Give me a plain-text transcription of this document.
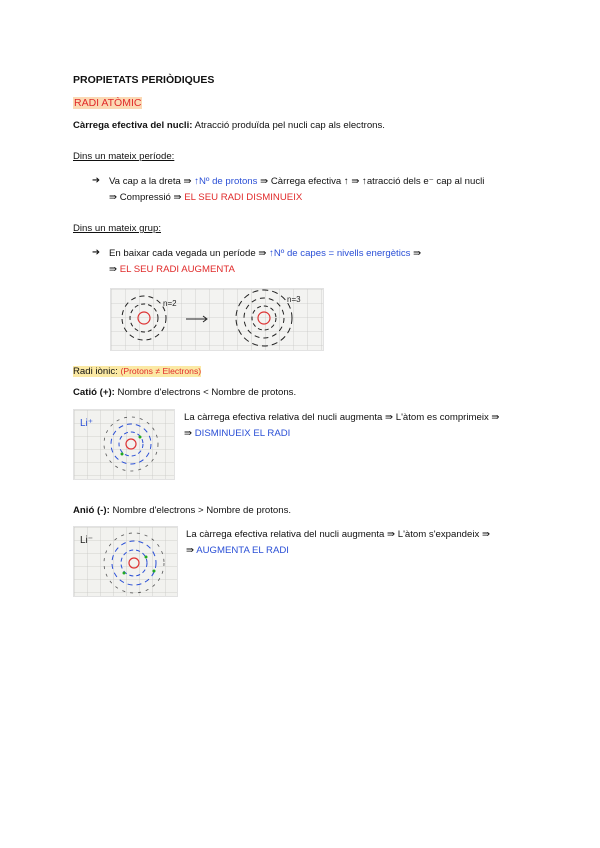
PROPIETATS PERIÒDIQUES
RADI ATÒMIC
Càrrega efectiva del nucli: Atracció produïda pel nucli cap als electrons.
Dins un mateix període:
➔ Va cap a la dreta ⇛ ↑Nº de protons ⇛ Càrrega efectiva ↑ ⇛ ↑atracció dels e⁻ cap al nucli
⇛ Compressió ⇛ EL SEU RADI DISMINUEIX
Dins un mateix grup:
➔ En baixar cada vegada un període ⇛ ↑Nº de capes = nivells energètics ⇛
⇛ EL SEU RADI AUGMENTA
n=2	n=3
Radi iònic: (Protons ≠ Electrons)
Catió (+): Nombre d'electrons < Nombre de protons.
Li⁺
La càrrega efectiva relativa del nucli augmenta ⇛ L'àtom es comprimeix ⇛
⇛ DISMINUEIX EL RADI
Anió (-): Nombre d'electrons > Nombre de protons.
Li⁻
La càrrega efectiva relativa del nucli augmenta ⇛ L'àtom s'expandeix ⇛
⇛ AUGMENTA EL RADI
